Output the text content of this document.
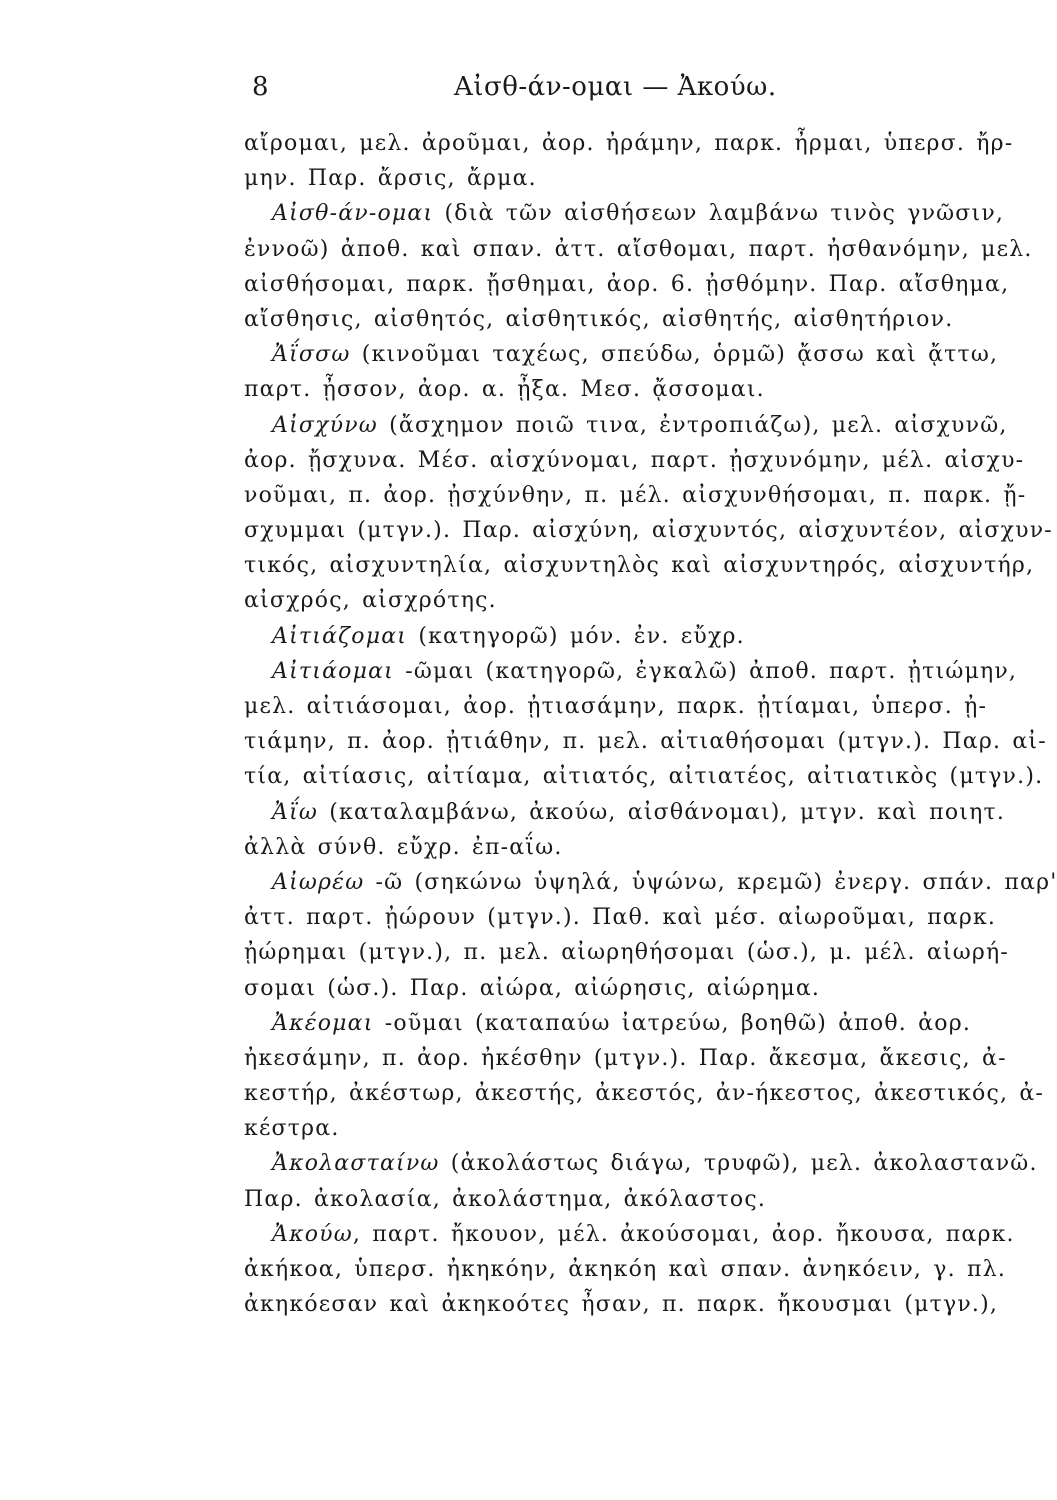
8	Αἰσθ-άν-ομαι — Ἀκούω.
αἴρομαι, μελ. ἀροῦμαι, ἀορ. ἠράμην, παρκ. ἦρμαι, ὑπερσ. ἤρ-
μην. Παρ. ἄρσις, ἄρμα.
Αἰσθ-άν-ομαι (διὰ τῶν αἰσθήσεων λαμβάνω τινὸς γνῶσιν,
ἐννοῶ) ἀποθ. καὶ σπαν. ἀττ. αἴσθομαι, παρτ. ἠσθανόμην, μελ.
αἰσθήσομαι, παρκ. ᾔσθημαι, ἀορ. 6. ᾐσθόμην. Παρ. αἴσθημα,
αἴσθησις, αἰσθητός, αἰσθητικός, αἰσθητής, αἰσθητήριον.
Ἀΐσσω (κινοῦμαι ταχέως, σπεύδω, ὁρμῶ) ᾄσσω καὶ ᾄττω,
παρτ. ᾖσσον, ἀορ. α. ᾖξα. Μεσ. ᾄσσομαι.
Αἰσχύνω (ἄσχημον ποιῶ τινα, ἐντροπιάζω), μελ. αἰσχυνῶ,
ἀορ. ᾔσχυνα. Μέσ. αἰσχύνομαι, παρτ. ᾐσχυνόμην, μέλ. αἰσχυ-
νοῦμαι, π. ἀορ. ᾐσχύνθην, π. μέλ. αἰσχυνθήσομαι, π. παρκ. ᾔ-
σχυμμαι (μτγν.). Παρ. αἰσχύνη, αἰσχυντός, αἰσχυντέον, αἰσχυν-
τικός, αἰσχυντηλία, αἰσχυντηλὸς καὶ αἰσχυντηρός, αἰσχυντήρ,
αἰσχρός, αἰσχρότης.
Αἰτιάζομαι (κατηγορῶ) μόν. ἐν. εὔχρ.
Αἰτιάομαι -ῶμαι (κατηγορῶ, ἐγκαλῶ) ἀποθ. παρτ. ᾐτιώμην,
μελ. αἰτιάσομαι, ἀορ. ᾐτιασάμην, παρκ. ᾐτίαμαι, ὑπερσ. ᾐ-
τιάμην, π. ἀορ. ᾐτιάθην, π. μελ. αἰτιαθήσομαι (μτγν.). Παρ. αἰ-
τία, αἰτίασις, αἰτίαμα, αἰτιατός, αἰτιατέος, αἰτιατικὸς (μτγν.).
Ἀΐω (καταλαμβάνω, ἀκούω, αἰσθάνομαι), μτγν. καὶ ποιητ.
ἀλλὰ σύνθ. εὔχρ. ἐπ-αΐω.
Αἰωρέω -ῶ (σηκώνω ὑψηλά, ὑψώνω, κρεμῶ) ἐνεργ. σπάν. παρ'
ἀττ. παρτ. ᾐώρουν (μτγν.). Παθ. καὶ μέσ. αἰωροῦμαι, παρκ.
ᾐώρημαι (μτγν.), π. μελ. αἰωρηθήσομαι (ὡσ.), μ. μέλ. αἰωρή-
σομαι (ὡσ.). Παρ. αἰώρα, αἰώρησις, αἰώρημα.
Ἀκέομαι -οῦμαι (καταπαύω ἰατρεύω, βοηθῶ) ἀποθ. ἀορ.
ἠκεσάμην, π. ἀορ. ἠκέσθην (μτγν.). Παρ. ἄκεσμα, ἄκεσις, ἀ-
κεστήρ, ἀκέστωρ, ἀκεστής, ἀκεστός, ἀν-ήκεστος, ἀκεστικός, ἀ-
κέστρα.
Ἀκολασταίνω (ἀκολάστως διάγω, τρυφῶ), μελ. ἀκολαστανῶ.
Παρ. ἀκολασία, ἀκολάστημα, ἀκόλαστος.
Ἀκούω, παρτ. ἤκουον, μέλ. ἀκούσομαι, ἀορ. ἤκουσα, παρκ.
ἀκήκοα, ὑπερσ. ἠκηκόην, ἀκηκόη καὶ σπαν. ἀνηκόειν, γ. πλ.
ἀκηκόεσαν καὶ ἀκηκοότες ἦσαν, π. παρκ. ἤκουσμαι (μτγν.),
